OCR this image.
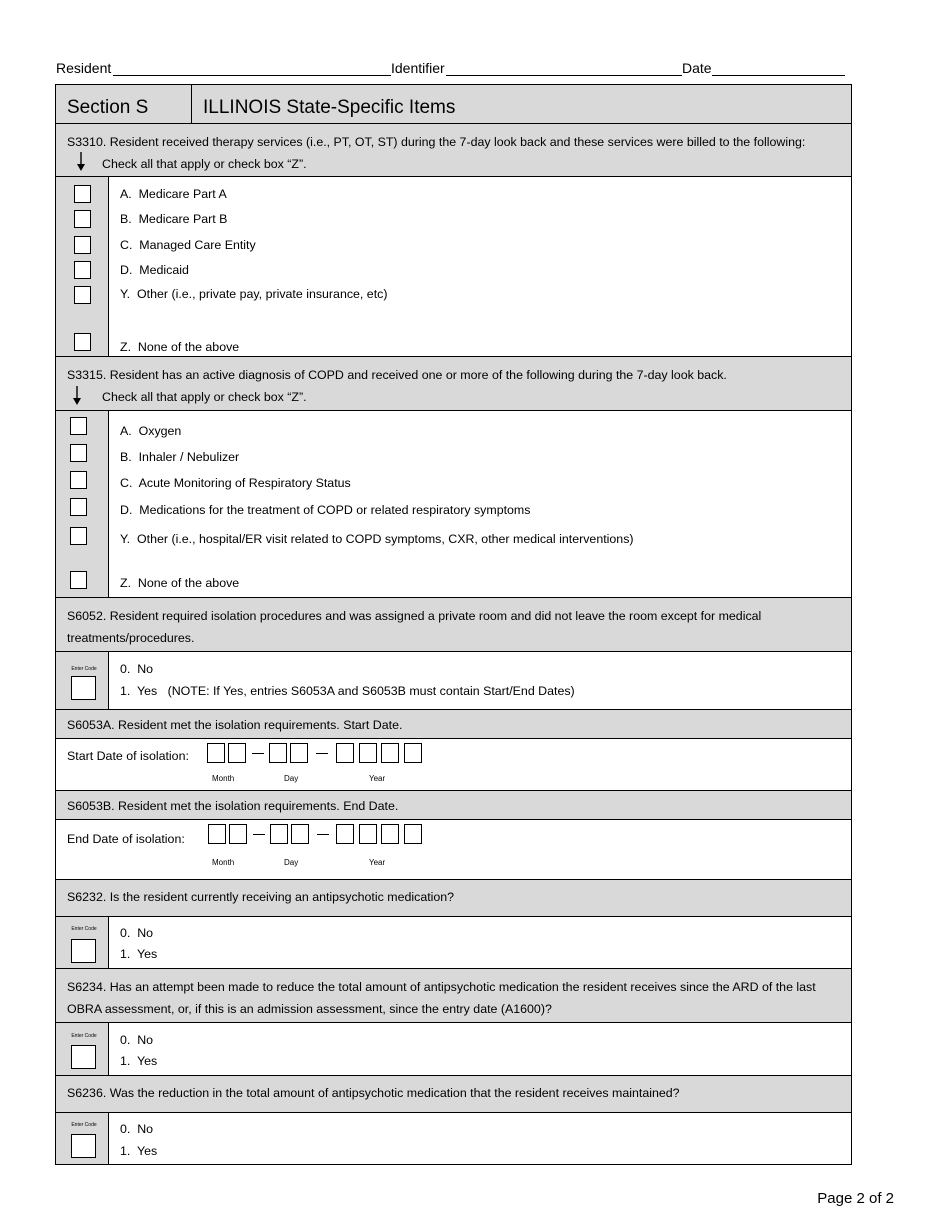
Resident	Identifier	Date
Section S	ILLINOIS State-Specific Items
S3310. Resident received therapy services (i.e., PT, OT, ST) during the 7-day look back and these services were billed to the following:
Check all that apply or check box “Z”.
A. Medicare Part A
B. Medicare Part B
C. Managed Care Entity
D. Medicaid
Y. Other (i.e., private pay, private insurance, etc)
Z. None of the above
S3315. Resident has an active diagnosis of COPD and received one or more of the following during the 7-day look back.
Check all that apply or check box “Z”.
A. Oxygen
B. Inhaler / Nebulizer
C. Acute Monitoring of Respiratory Status
D. Medications for the treatment of COPD or related respiratory symptoms
Y. Other (i.e., hospital/ER visit related to COPD symptoms, CXR, other medical interventions)
Z. None of the above
S6052. Resident required isolation procedures and was assigned a private room and did not leave the room except for medical
treatments/procedures.
Enter Code 0. No
1. Yes (NOTE: If Yes, entries S6053A and S6053B must contain Start/End Dates)
S6053A. Resident met the isolation requirements. Start Date.
Start Date of isolation:
Month	Day	Year
S6053B. Resident met the isolation requirements. End Date.
End Date of isolation:
Month	Day	Year
S6232. Is the resident currently receiving an antipsychotic medication?
Enter Code 0. No
1. Yes
S6234. Has an attempt been made to reduce the total amount of antipsychotic medication the resident receives since the ARD of the last
OBRA assessment, or, if this is an admission assessment, since the entry date (A1600)?
Enter Code 0. No
1. Yes
S6236. Was the reduction in the total amount of antipsychotic medication that the resident receives maintained?
Enter Code 0. No
1. Yes
Page 2 of 2
